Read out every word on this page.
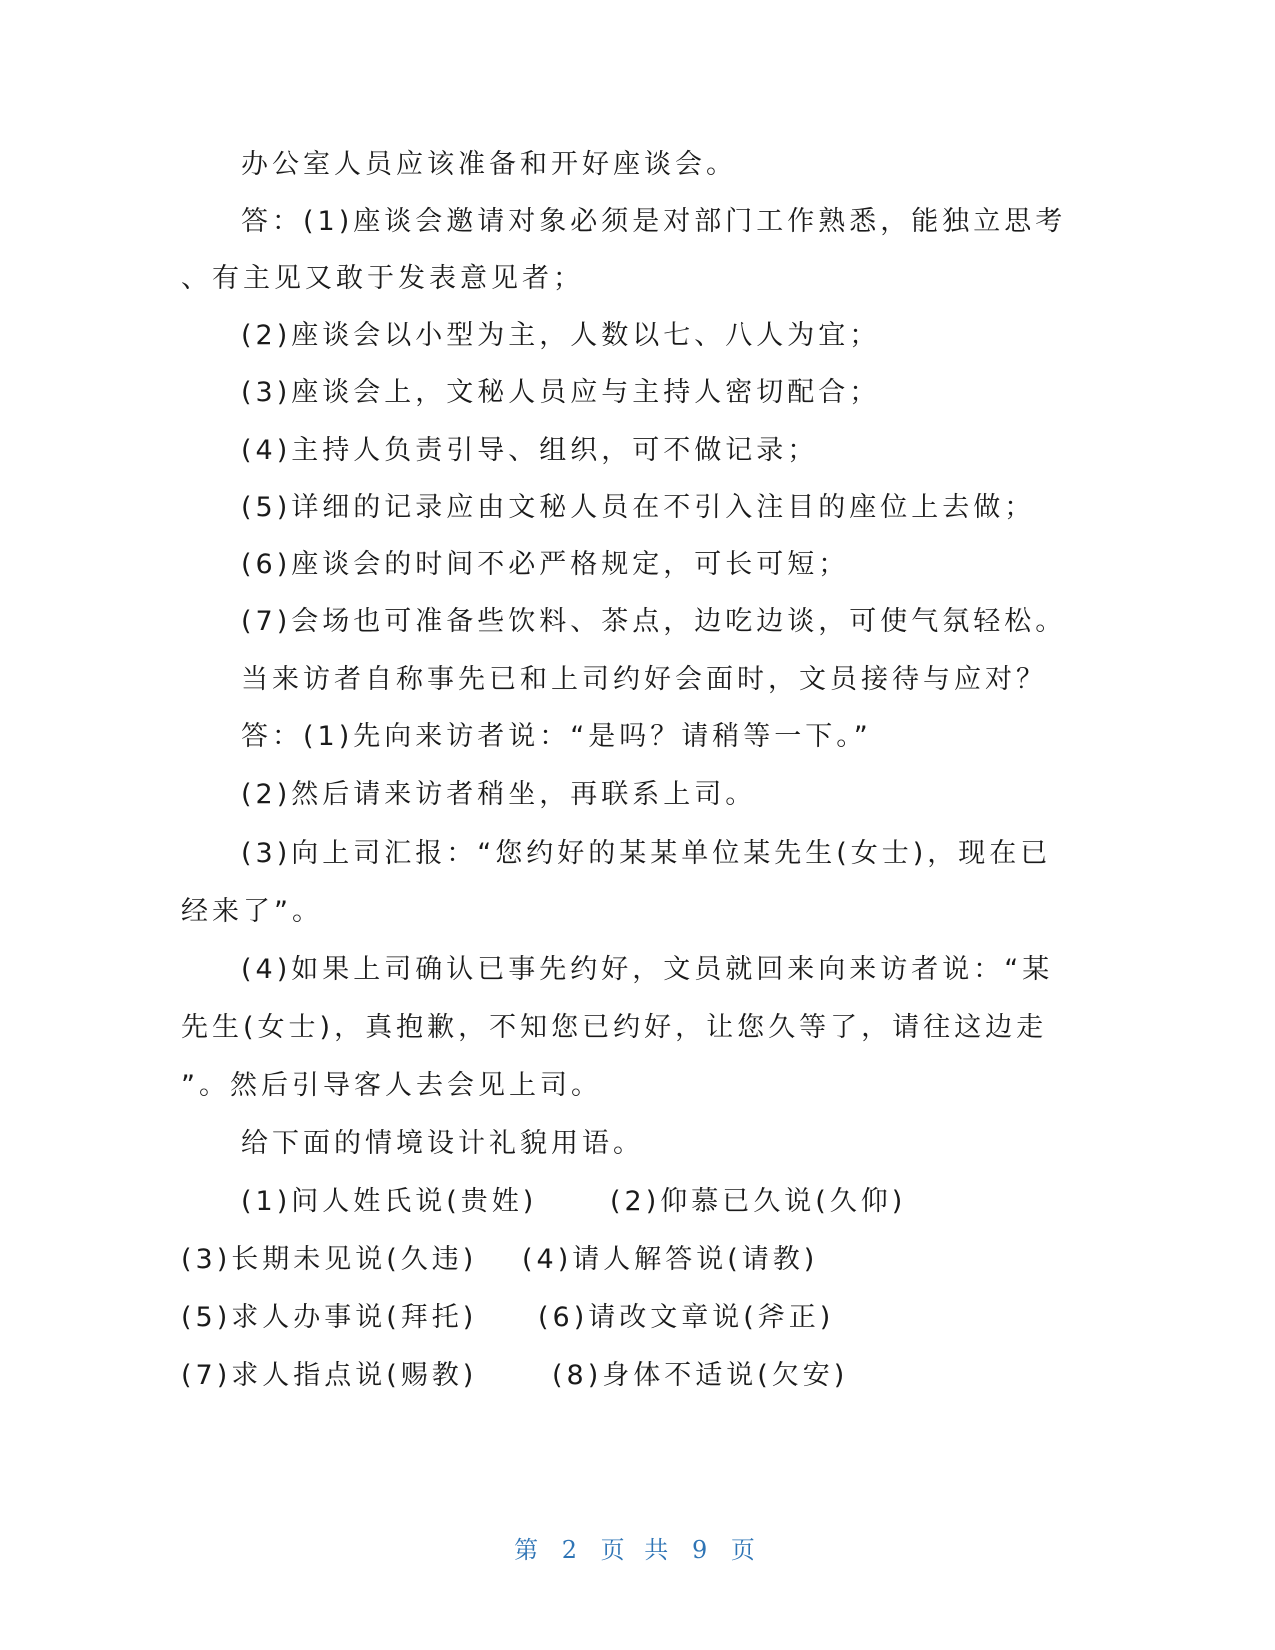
办公室人员应该准备和开好座谈会。
答：(1)座谈会邀请对象必须是对部门工作熟悉，能独立思考
、有主见又敢于发表意见者；
(2)座谈会以小型为主，人数以七、八人为宜；
(3)座谈会上，文秘人员应与主持人密切配合；
(4)主持人负责引导、组织，可不做记录；
(5)详细的记录应由文秘人员在不引入注目的座位上去做；
(6)座谈会的时间不必严格规定，可长可短；
(7)会场也可准备些饮料、茶点，边吃边谈，可使气氛轻松。
当来访者自称事先已和上司约好会面时，文员接待与应对？
答：(1)先向来访者说：“是吗？请稍等一下。”
(2)然后请来访者稍坐，再联系上司。
(3)向上司汇报：“您约好的某某单位某先生(女士)，现在已
经来了”。
(4)如果上司确认已事先约好，文员就回来向来访者说：“某
先生(女士)，真抱歉，不知您已约好，让您久等了，请往这边走
”。然后引导客人去会见上司。
给下面的情境设计礼貌用语。
(1)问人姓氏说(贵姓)	(2)仰慕已久说(久仰)
(3)长期未见说(久违) (4)请人解答说(请教)
(5)求人办事说(拜托) (6)请改文章说(斧正)
(7)求人指点说(赐教)	(8)身体不适说(欠安)
第 2 页 共 9 页
